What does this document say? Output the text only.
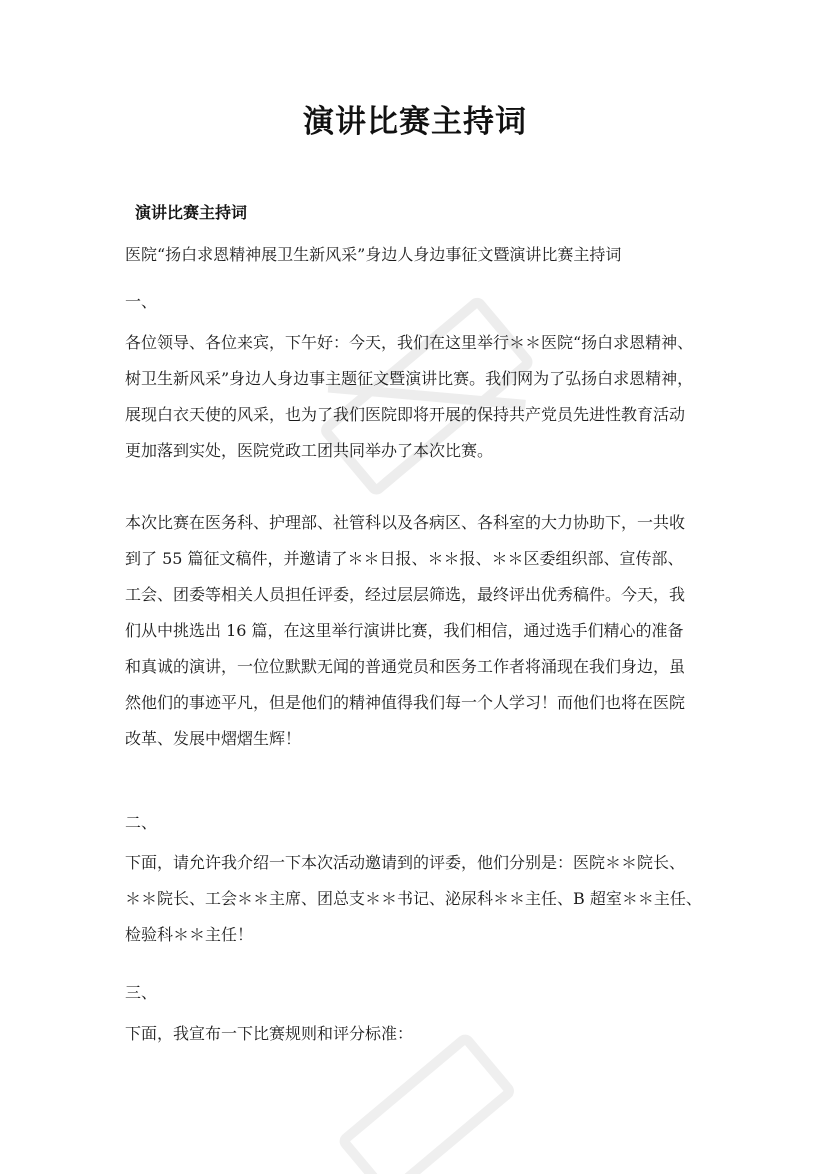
演讲比赛主持词
演讲比赛主持词
医院“扬白求恩精神展卫生新风采”身边人身边事征文暨演讲比赛主持词
一、
各位领导、各位来宾，下午好：今天，我们在这里举行＊＊医院“扬白求恩精神、
树卫生新风采”身边人身边事主题征文暨演讲比赛。我们网为了弘扬白求恩精神，
展现白衣天使的风采，也为了我们医院即将开展的保持共产党员先进性教育活动
更加落到实处，医院党政工团共同举办了本次比赛。
本次比赛在医务科、护理部、社管科以及各病区、各科室的大力协助下，一共收
到了 55 篇征文稿件，并邀请了＊＊日报、＊＊报、＊＊区委组织部、宣传部、
工会、团委等相关人员担任评委，经过层层筛选，最终评出优秀稿件。今天，我
们从中挑选出 16 篇，在这里举行演讲比赛，我们相信，通过选手们精心的准备
和真诚的演讲，一位位默默无闻的普通党员和医务工作者将涌现在我们身边，虽
然他们的事迹平凡，但是他们的精神值得我们每一个人学习！而他们也将在医院
改革、发展中熠熠生辉！
二、
下面，请允许我介绍一下本次活动邀请到的评委，他们分别是：医院＊＊院长、
＊＊院长、工会＊＊主席、团总支＊＊书记、泌尿科＊＊主任、B 超室＊＊主任、
检验科＊＊主任！
三、
下面，我宣布一下比赛规则和评分标准：
